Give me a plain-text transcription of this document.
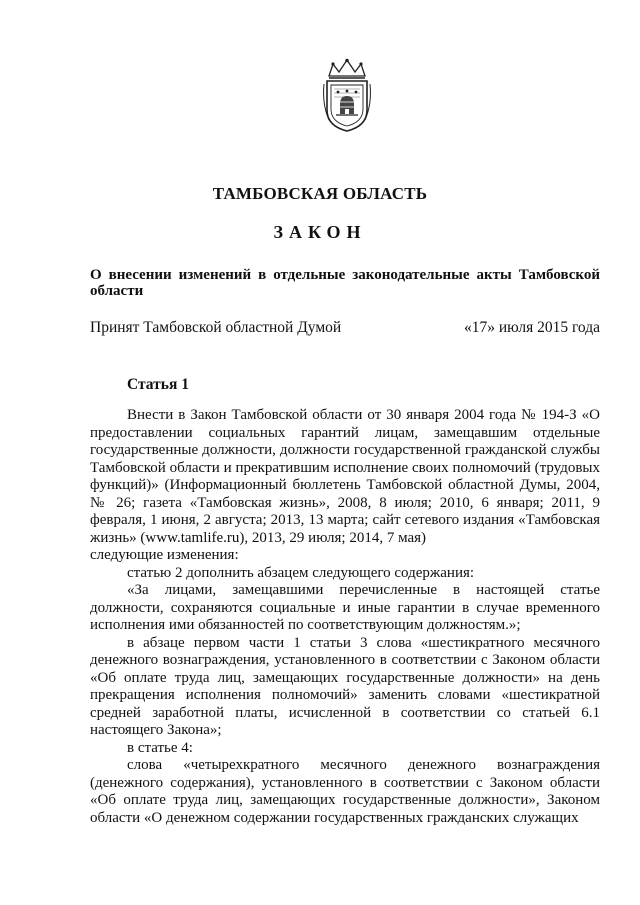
ТАМБОВСКАЯ ОБЛАСТЬ
ЗАКОН
О внесении изменений в отдельные законодательные акты Тамбовской области
Принят Тамбовской областной Думой	«17» июля 2015 года
Статья 1

Внести в Закон Тамбовской области от 30 января 2004 года № 194-З «О предоставлении социальных гарантий лицам, замещавшим отдельные государственные должности, должности государственной гражданской службы Тамбовской области и прекратившим исполнение своих полномочий (трудовых функций)» (Информационный бюллетень Тамбовской областной Думы, 2004, № 26; газета «Тамбовская жизнь», 2008, 8 июля; 2010, 6 января; 2011, 9 февраля, 1 июня, 2 августа; 2013, 13 марта; сайт сетевого издания «Тамбовская жизнь» (www.tamlife.ru), 2013, 29 июля; 2014, 7 мая)

следующие изменения:

статью 2 дополнить абзацем следующего содержания:

«За лицами, замещавшими перечисленные в настоящей статье должности, сохраняются социальные и иные гарантии в случае временного исполнения ими обязанностей по соответствующим должностям.»;

в абзаце первом части 1 статьи 3 слова «шестикратного месячного денежного вознаграждения, установленного в соответствии с Законом области «Об оплате труда лиц, замещающих государственные должности» на день прекращения исполнения полномочий» заменить словами «шестикратной средней заработной платы, исчисленной в соответствии со статьей 6.1 настоящего Закона»;

в статье 4:

слова «четырехкратного месячного денежного вознаграждения (денежного содержания), установленного в соответствии с Законом области «Об оплате труда лиц, замещающих государственные должности», Законом области «О денежном содержании государственных гражданских служащих
